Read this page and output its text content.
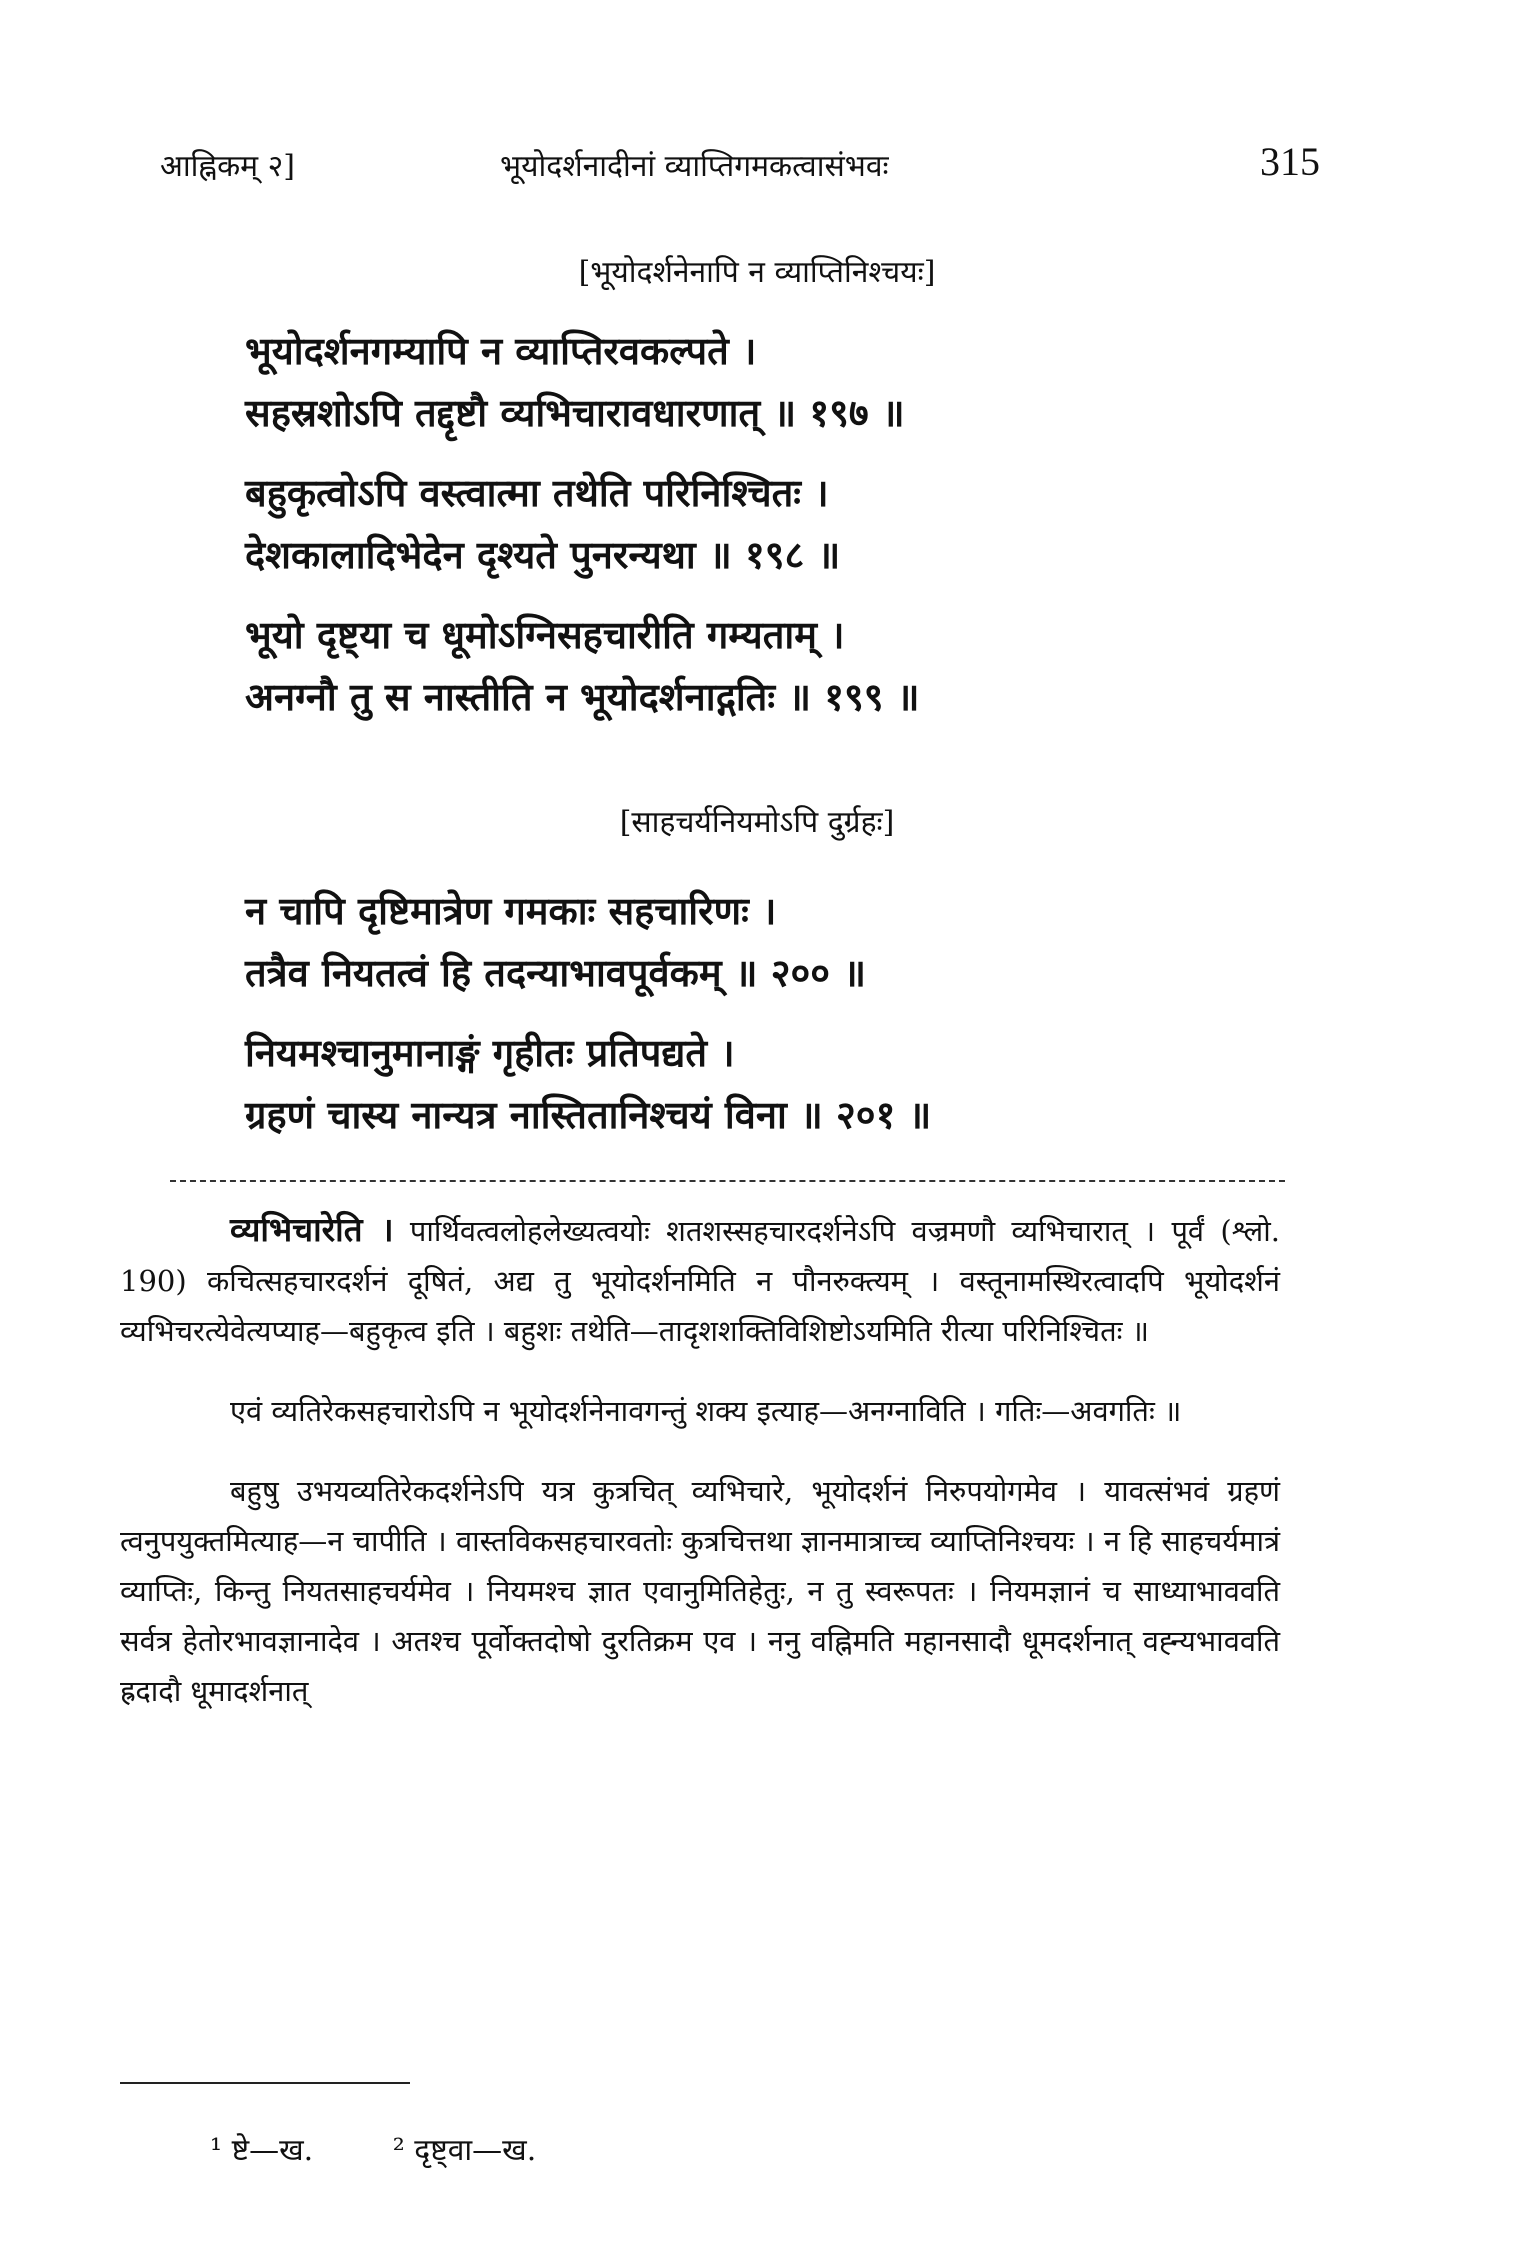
आह्निकम् २]	भूयोदर्शनादीनां व्याप्तिगमकत्वासंभवः	315
[भूयोदर्शनेनापि न व्याप्तिनिश्चयः]
भूयोदर्शनगम्यापि न व्याप्तिरवकल्पते ।
सहस्रशोऽपि तद्दृष्टौ व्यभिचारावधारणात् ॥ १९७ ॥
बहुकृत्वोऽपि वस्त्वात्मा तथेति परिनिश्चितः ।
देशकालादिभेदेन दृश्यते पुनरन्यथा ॥ १९८ ॥
भूयो दृष्ट्या च धूमोऽग्निसहचारीति गम्यताम् ।
अनग्नौ तु स नास्तीति न भूयोदर्शनाद्गतिः ॥ १९९ ॥
[साहचर्यनियमोऽपि दुर्ग्रहः]
न चापि दृष्टिमात्रेण गमकाः सहचारिणः ।
तत्रैव नियतत्वं हि तदन्याभावपूर्वकम् ॥ २०० ॥
नियमश्चानुमानाङ्गं गृहीतः प्रतिपद्यते ।
ग्रहणं चास्य नान्यत्र नास्तितानिश्चयं विना ॥ २०१ ॥

व्यभिचारेति । पार्थिवत्वलोहलेख्यत्वयोः शतशस्सहचारदर्शनेऽपि वज्रमणौ व्यभिचारात् । पूर्वं (श्लो. 190) कचित्सहचारदर्शनं दूषितं, अद्य तु भूयोदर्शनमिति न पौनरुक्त्यम् । वस्तूनामस्थिरत्वादपि भूयोदर्शनं व्यभिचरत्येवेत्यप्याह—बहुकृत्व इति । बहुशः तथेति—तादृशशक्तिविशिष्टोऽयमिति रीत्या परिनिश्चितः ॥

एवं व्यतिरेकसहचारोऽपि न भूयोदर्शनेनावगन्तुं शक्य इत्याह—अनग्नाविति । गतिः—अवगतिः ॥

बहुषु उभयव्यतिरेकदर्शनेऽपि यत्र कुत्रचित् व्यभिचारे, भूयोदर्शनं निरुपयोगमेव । यावत्संभवं ग्रहणं त्वनुपयुक्तमित्याह—न चापीति । वास्तविकसहचारवतोः कुत्रचित्तथा ज्ञानमात्राच्च व्याप्तिनिश्चयः । न हि साहचर्यमात्रं व्याप्तिः, किन्तु नियतसाहचर्यमेव । नियमश्च ज्ञात एवानुमितिहेतुः, न तु स्वरूपतः । नियमज्ञानं च साध्याभाववति सर्वत्र हेतोरभावज्ञानादेव । अतश्च पूर्वोक्तदोषो दुरतिक्रम एव । ननु वह्निमति महानसादौ धूमदर्शनात् वह्न्यभाववति ह्रदादौ धूमादर्शनात्

¹ ष्टे—ख.	² दृष्ट्वा—ख.
